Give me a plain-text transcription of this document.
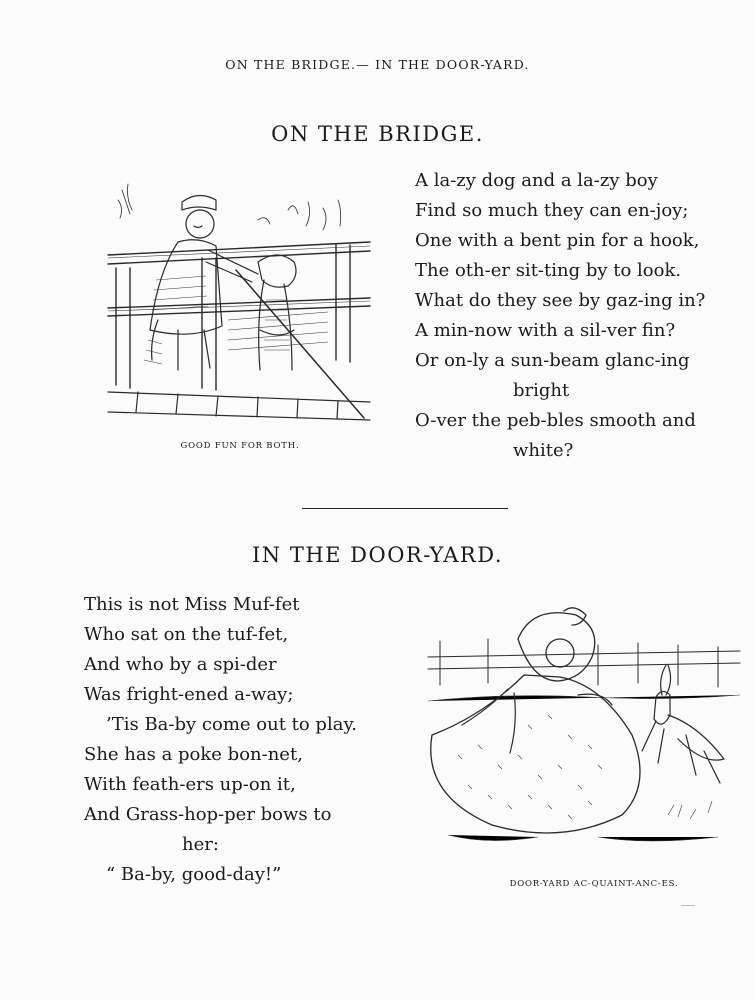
ON THE BRIDGE.— IN THE DOOR-YARD.
ON THE BRIDGE.
GOOD FUN FOR BOTH.
A la-zy dog and a la-zy boy
Find so much they can en-joy;
One with a bent pin for a hook,
The oth-er sit-ting by to look.
What do they see by gaz-ing in?
A min-now with a sil-ver fin?
Or on-ly a sun-beam glanc-ing
bright
O-ver the peb-bles smooth and
white?
IN THE DOOR-YARD.
This is not Miss Muf-fet
Who sat on the tuf-fet,
And who by a spi-der
Was fright-ened a-way;
’Tis Ba-by come out to play.
She has a poke bon-net,
With feath-ers up-on it,
And Grass-hop-per bows to
her:
“ Ba-by, good-day!”	DOOR-YARD AC-QUAINT-ANC-ES.
